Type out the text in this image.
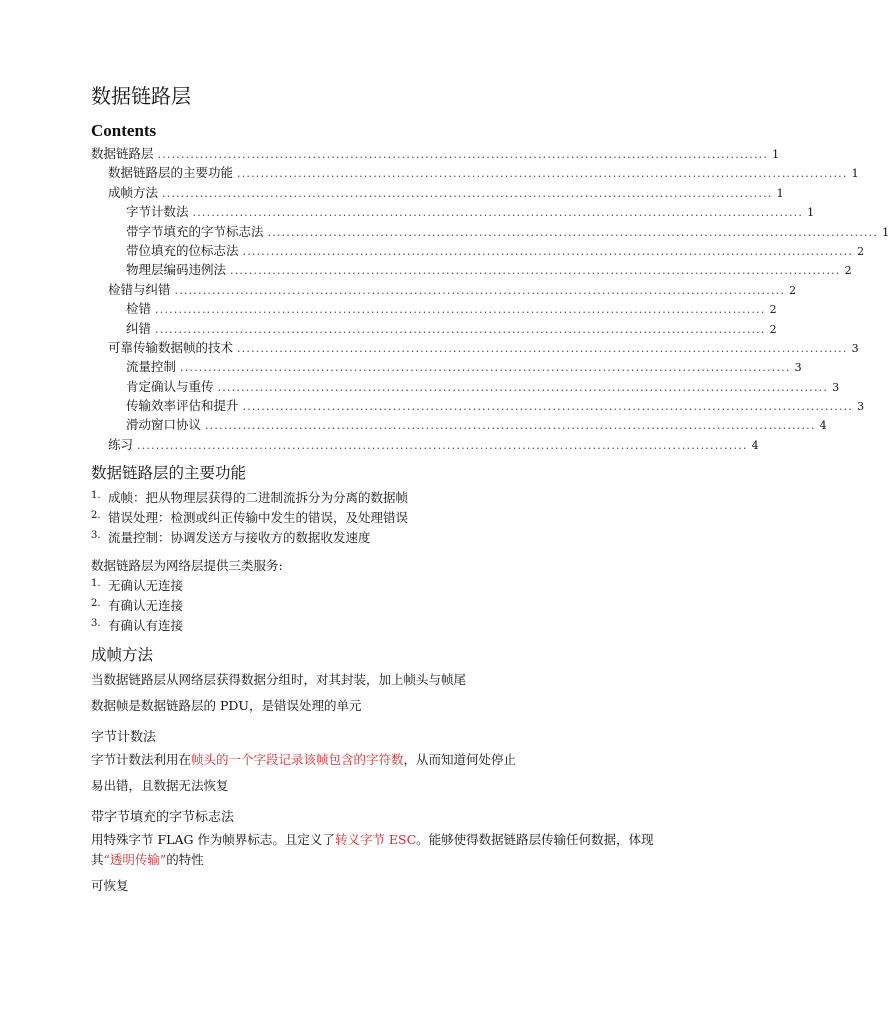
数据链路层
Contents
数据链路层 .................................................................................................................................. 1
数据链路层的主要功能 .................................................................................................................................. 1
成帧方法 .................................................................................................................................. 1
字节计数法 .................................................................................................................................. 1
带字节填充的字节标志法 .................................................................................................................................. 1
带位填充的位标志法 .................................................................................................................................. 2
物理层编码违例法 .................................................................................................................................. 2
检错与纠错 .................................................................................................................................. 2
检错 .................................................................................................................................. 2
纠错 .................................................................................................................................. 2
可靠传输数据帧的技术 .................................................................................................................................. 3
流量控制 .................................................................................................................................. 3
肯定确认与重传 .................................................................................................................................. 3
传输效率评估和提升 .................................................................................................................................. 3
滑动窗口协议 .................................................................................................................................. 4
练习 .................................................................................................................................. 4
数据链路层的主要功能
1. 成帧：把从物理层获得的二进制流拆分为分离的数据帧
2. 错误处理：检测或纠正传输中发生的错误，及处理错误
3. 流量控制：协调发送方与接收方的数据收发速度

数据链路层为网络层提供三类服务:

1. 无确认无连接
2. 有确认无连接
3. 有确认有连接
成帧方法

当数据链路层从网络层获得数据分组时，对其封装，加上帧头与帧尾

数据帧是数据链路层的 PDU，是错误处理的单元

字节计数法

字节计数法利用在帧头的一个字段记录该帧包含的字符数，从而知道何处停止

易出错，且数据无法恢复

带字节填充的字节标志法

用特殊字节 FLAG 作为帧界标志。且定义了转义字节 ESC。能够使得数据链路层传输任何数据，体现其“透明传输”的特性

可恢复
